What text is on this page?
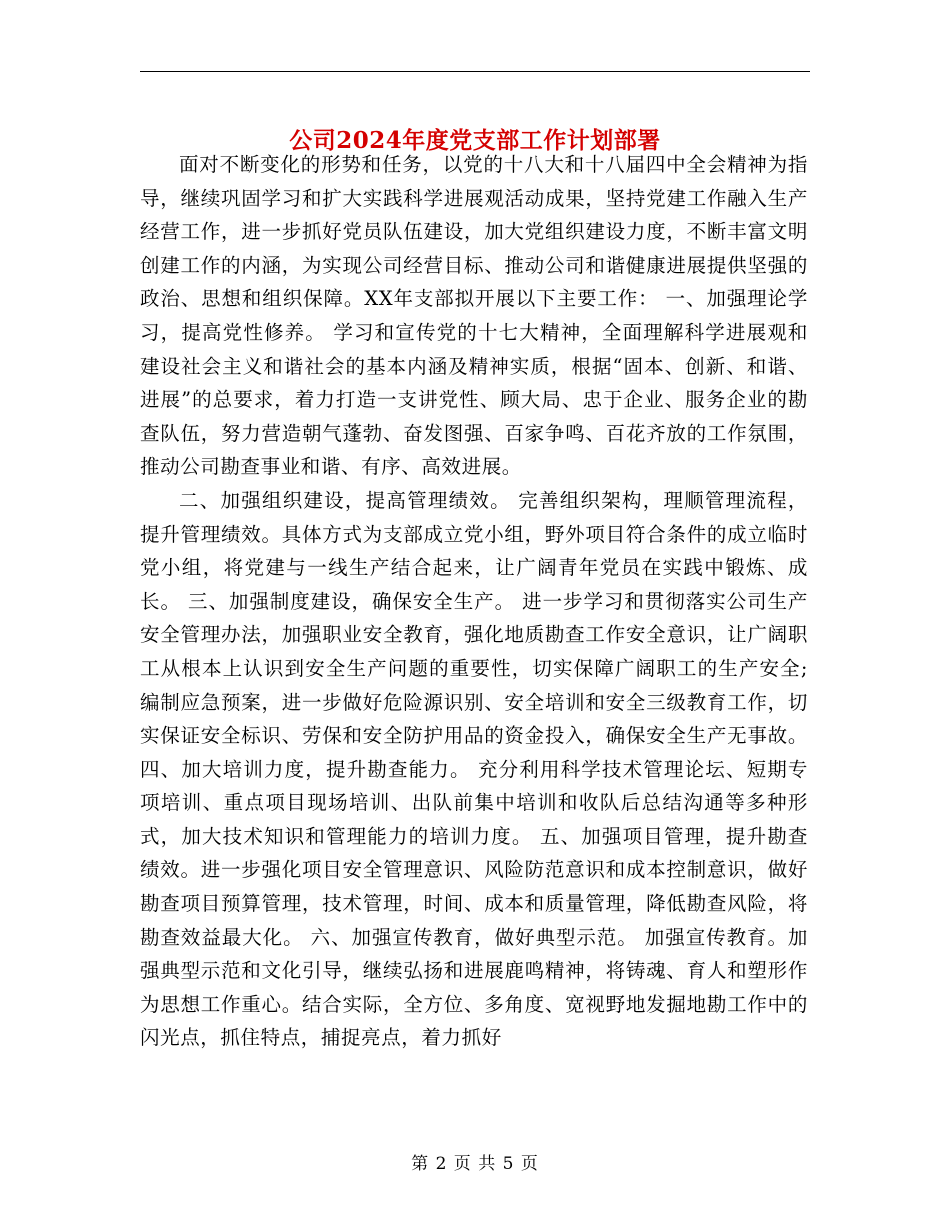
公司2024年度党支部工作计划部署

面对不断变化的形势和任务，以党的十八大和十八届四中全会精神为指导，继续巩固学习和扩大实践科学进展观活动成果，坚持党建工作融入生产经营工作，进一步抓好党员队伍建设，加大党组织建设力度，不断丰富文明创建工作的内涵，为实现公司经营目标、推动公司和谐健康进展提供坚强的政治、思想和组织保障。XX年支部拟开展以下主要工作： 一、加强理论学习，提高党性修养。 学习和宣传党的十七大精神，全面理解科学进展观和建设社会主义和谐社会的基本内涵及精神实质，根据“固本、创新、和谐、进展”的总要求，着力打造一支讲党性、顾大局、忠于企业、服务企业的勘查队伍，努力营造朝气蓬勃、奋发图强、百家争鸣、百花齐放的工作氛围，推动公司勘查事业和谐、有序、高效进展。

二、加强组织建设，提高管理绩效。 完善组织架构，理顺管理流程，提升管理绩效。具体方式为支部成立党小组，野外项目符合条件的成立临时党小组，将党建与一线生产结合起来，让广阔青年党员在实践中锻炼、成长。 三、加强制度建设，确保安全生产。 进一步学习和贯彻落实公司生产安全管理办法，加强职业安全教育，强化地质勘查工作安全意识，让广阔职工从根本上认识到安全生产问题的重要性，切实保障广阔职工的生产安全;编制应急预案，进一步做好危险源识别、安全培训和安全三级教育工作，切实保证安全标识、劳保和安全防护用品的资金投入，确保安全生产无事故。 四、加大培训力度，提升勘查能力。 充分利用科学技术管理论坛、短期专项培训、重点项目现场培训、出队前集中培训和收队后总结沟通等多种形式，加大技术知识和管理能力的培训力度。 五、加强项目管理，提升勘查绩效。进一步强化项目安全管理意识、风险防范意识和成本控制意识，做好勘查项目预算管理，技术管理，时间、成本和质量管理，降低勘查风险，将勘查效益最大化。 六、加强宣传教育，做好典型示范。 加强宣传教育。加强典型示范和文化引导，继续弘扬和进展鹿鸣精神，将铸魂、育人和塑形作为思想工作重心。结合实际，全方位、多角度、宽视野地发掘地勘工作中的闪光点，抓住特点，捕捉亮点，着力抓好

第 2 页 共 5 页
